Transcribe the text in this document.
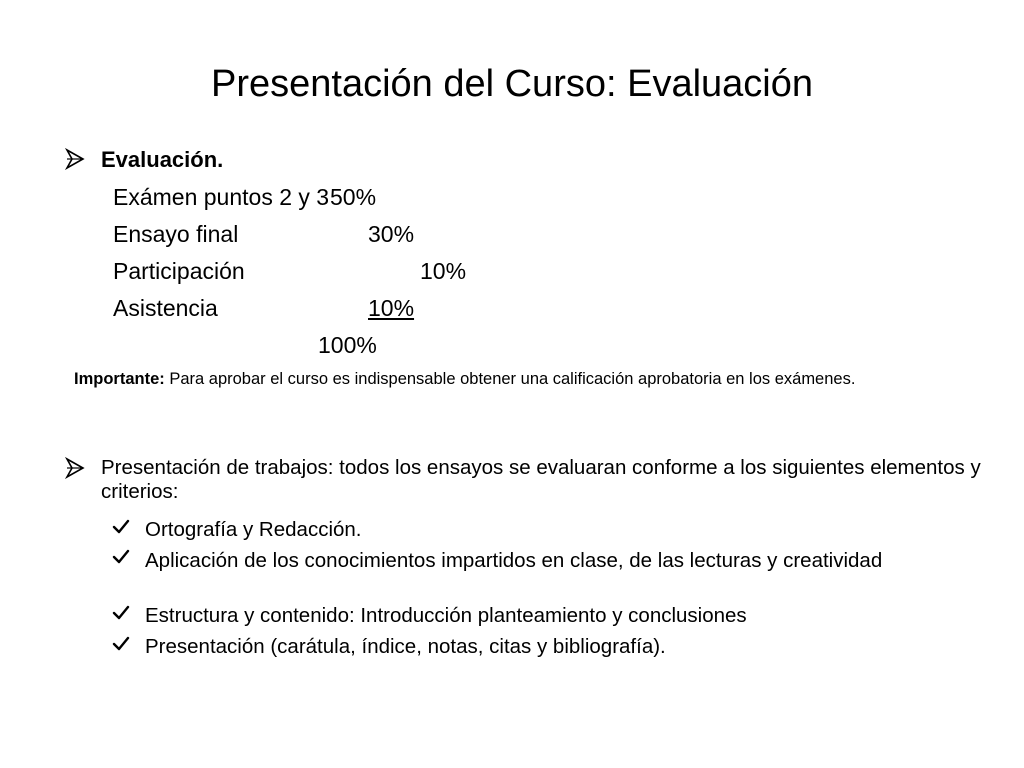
Presentación del Curso: Evaluación
Evaluación.
Exámen puntos 2 y 3 50%
Ensayo final	30%
Participación	10%
Asistencia	10%
100%
Importante: Para aprobar el curso es indispensable obtener una calificación aprobatoria en los exámenes.
Presentación de trabajos: todos los ensayos se evaluaran conforme a los siguientes elementos y criterios:
Ortografía y Redacción.
Aplicación de los conocimientos impartidos en clase, de las lecturas y creatividad
Estructura y contenido: Introducción planteamiento y conclusiones
Presentación (carátula, índice, notas, citas y bibliografía).
